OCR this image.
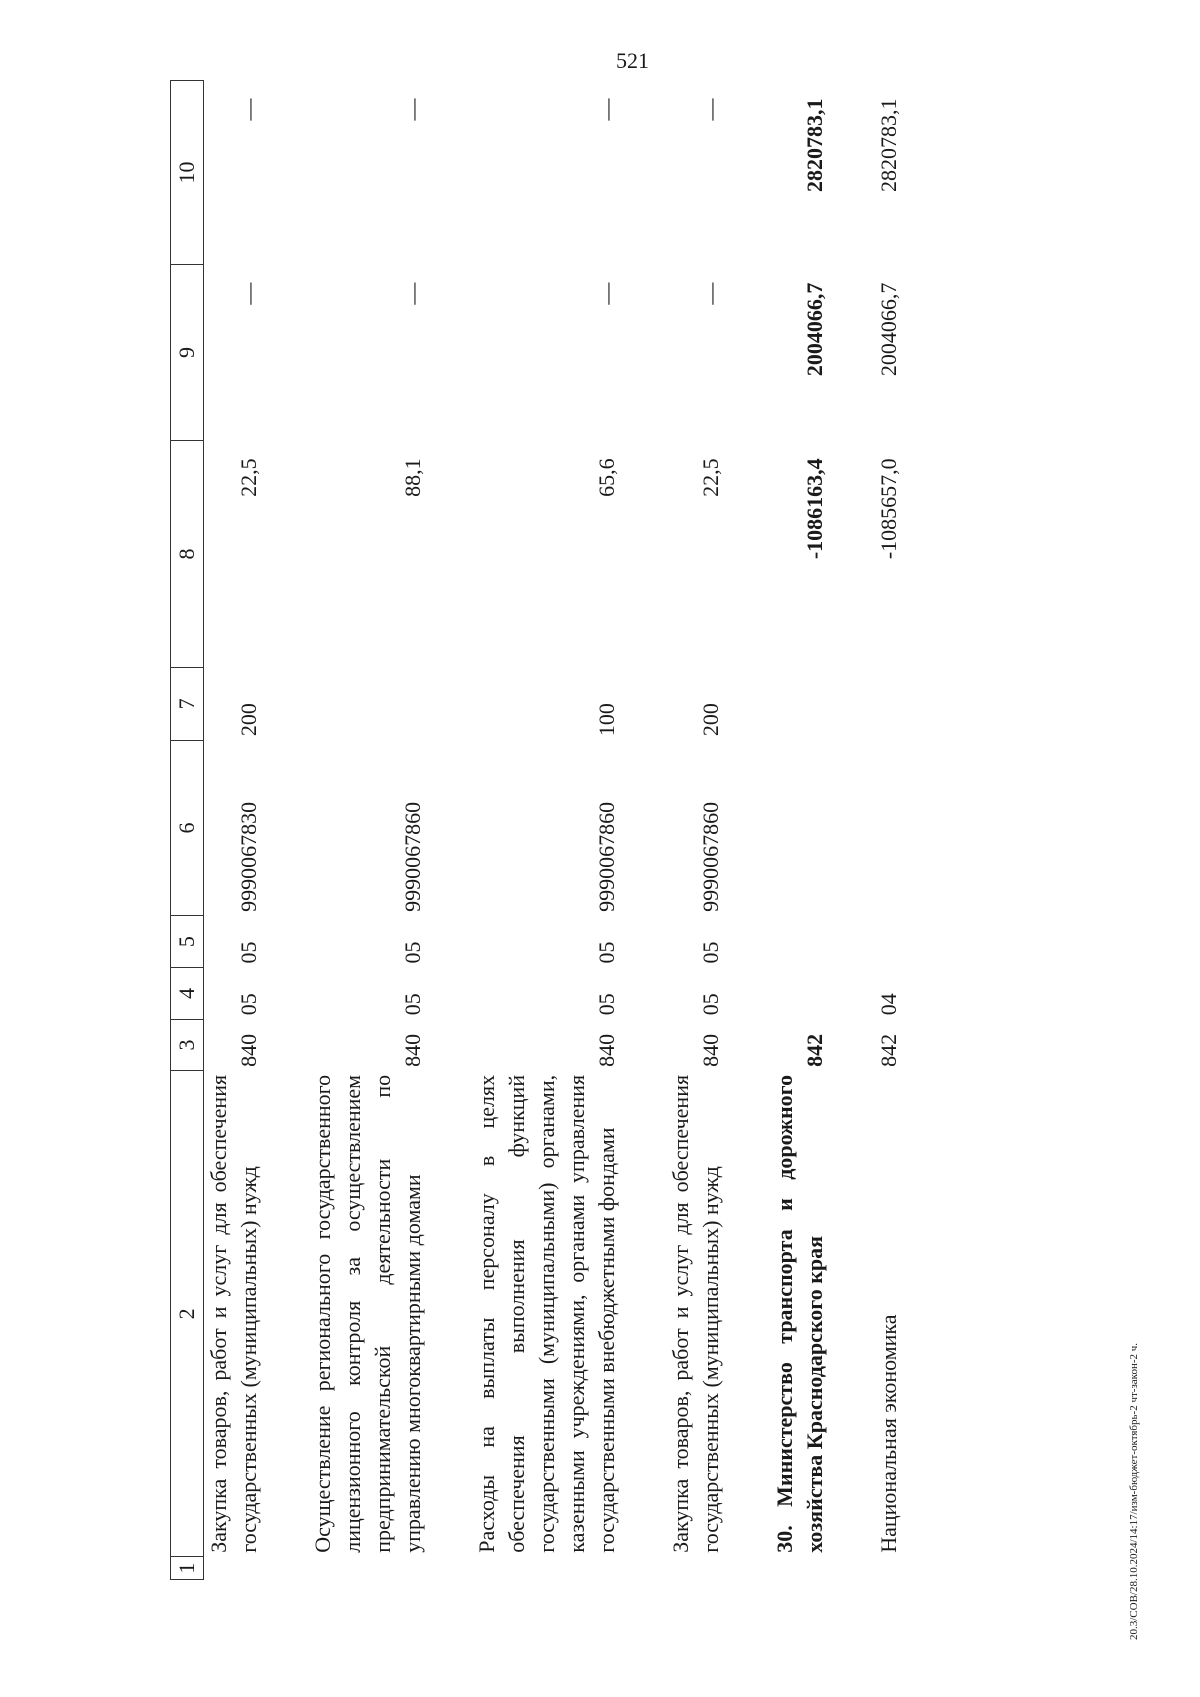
521
1	2	3	4	5	6	7	8	9	10
	Закупка товаров, работ и услуг для обеспечения государственных (муниципальных) нужд	840	05	05	9990067830	200	22,5	—	—

	Осуществление регионального государственного лицензионного контроля за осуществлением предпринимательской деятельности по управлению многоквартирными домами	840	05	05	9990067860		88,1	—	—

	Расходы на выплаты персоналу в целях обеспечения выполнения функций государственными (муниципальными) органами, казенными учреждениями, органами управления государственными внебюджетными фондами	840	05	05	9990067860	100	65,6	—	—

	Закупка товаров, работ и услуг для обеспечения государственных (муниципальных) нужд	840	05	05	9990067860	200	22,5	—	—

	30. Министерство транспорта и дорожного хозяйства Краснодарского края	842					-1086163,4	2004066,7	2820783,1

	Национальная экономика	842	04				-1085657,0	2004066,7	2820783,1
20.3/СОВ/28.10.2024/14:17/изм-бюджет-октябрь-2 чт-закон-2 ч.
